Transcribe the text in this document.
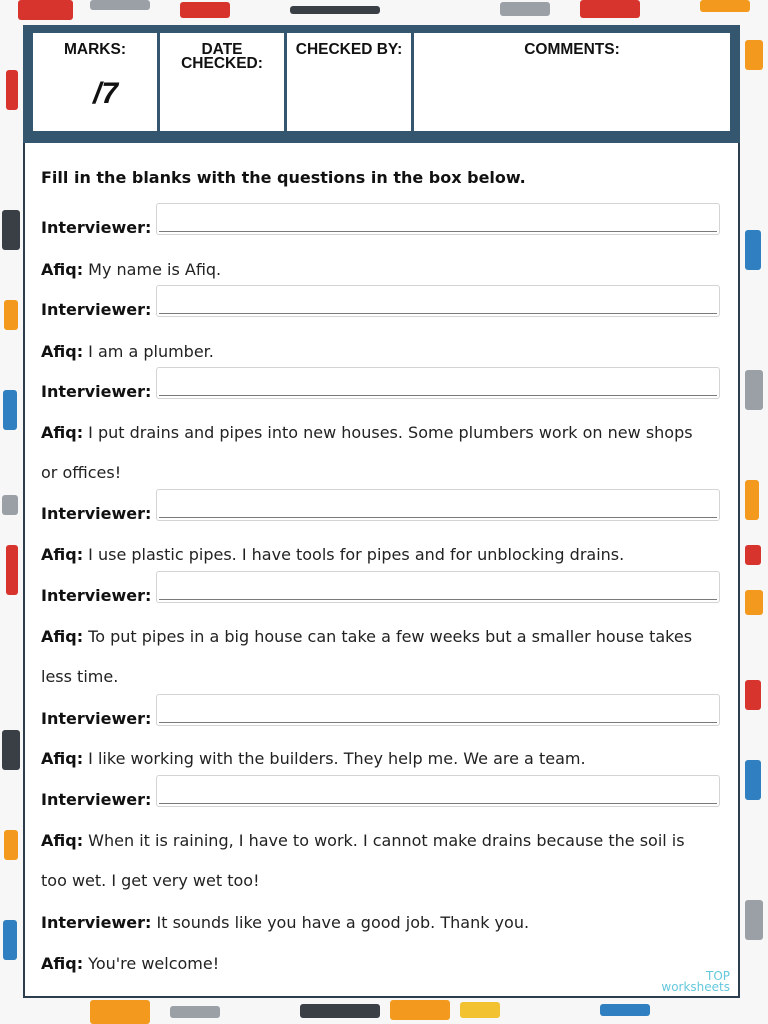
MARKS:
/7
DATE
CHECKED:
CHECKED BY:	COMMENTS:
Fill in the blanks with the questions in the box below.
Interviewer:
Afiq: My name is Afiq.
Interviewer:
Afiq: I am a plumber.
Interviewer:
Afiq: I put drains and pipes into new houses. Some plumbers work on new shops
or offices!
Interviewer:
Afiq: I use plastic pipes. I have tools for pipes and for unblocking drains.
Interviewer:
Afiq: To put pipes in a big house can take a few weeks but a smaller house takes
less time.
Interviewer:
Afiq: I like working with the builders. They help me. We are a team.
Interviewer:
Afiq: When it is raining, I have to work. I cannot make drains because the soil is
too wet. I get very wet too!
Interviewer: It sounds like you have a good job. Thank you.
Afiq: You're welcome!
TOP
worksheets
